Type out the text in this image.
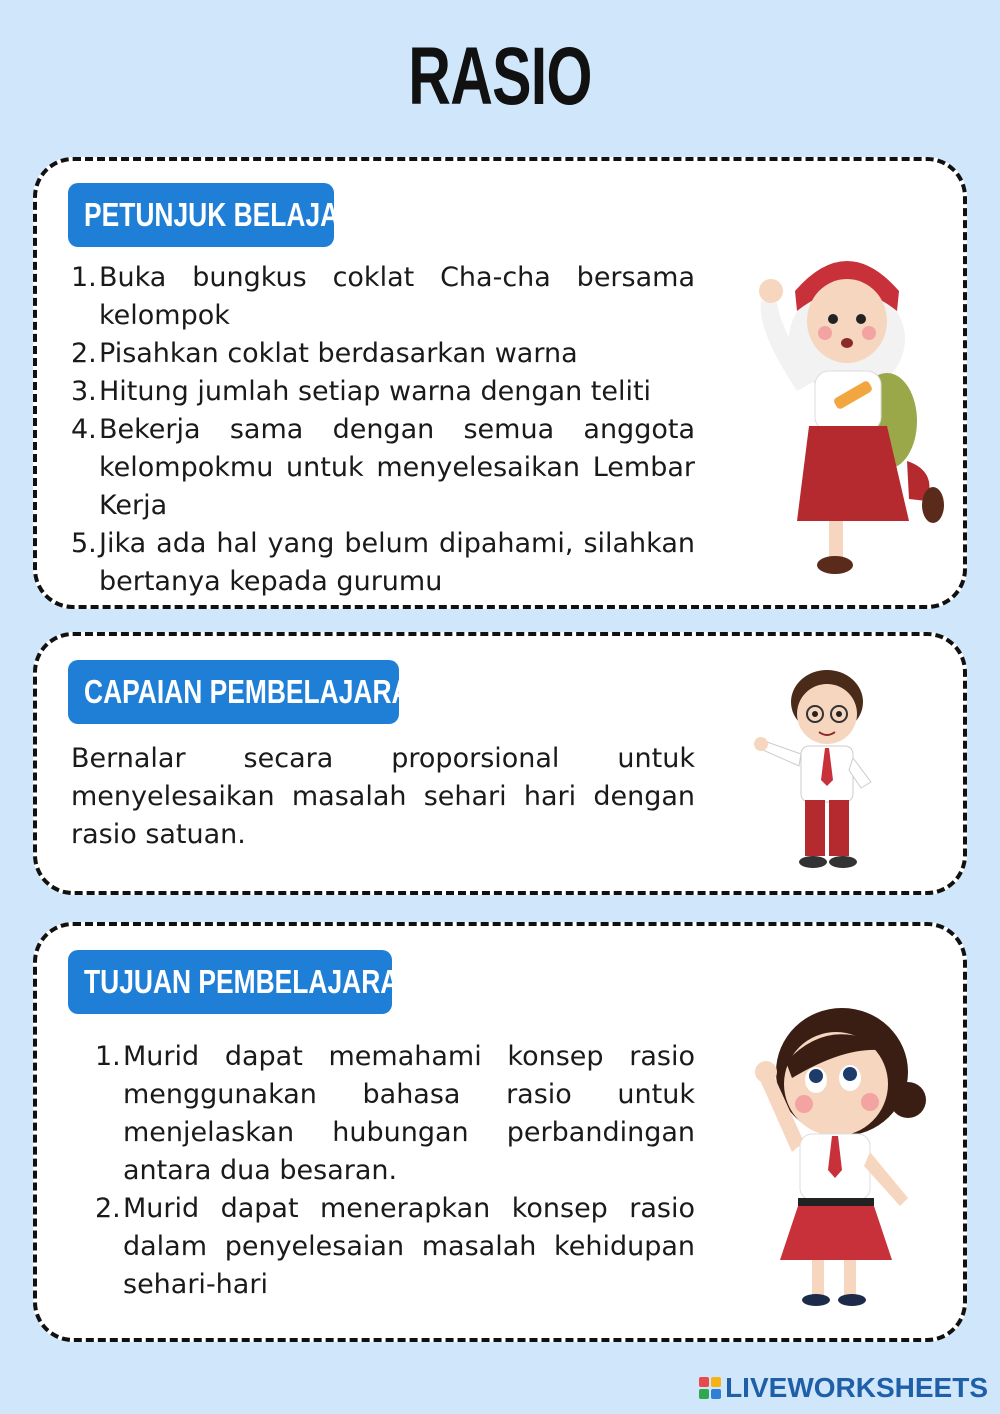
RASIO
PETUNJUK BELAJAR
1. Buka bungkus coklat Cha-cha bersama kelompok
2. Pisahkan coklat berdasarkan warna
3. Hitung jumlah setiap warna dengan teliti
4. Bekerja sama dengan semua anggota kelompokmu untuk menyelesaikan Lembar Kerja
5. Jika ada hal yang belum dipahami, silahkan bertanya kepada gurumu
CAPAIAN PEMBELAJARAN

Bernalar secara proporsional untuk menyelesaikan masalah sehari hari dengan rasio satuan.

TUJUAN PEMBELAJARAN
1. Murid dapat memahami konsep rasio menggunakan bahasa rasio untuk menjelaskan hubungan perbandingan antara dua besaran.
2. Murid dapat menerapkan konsep rasio dalam penyelesaian masalah kehidupan sehari-hari
LIVEWORKSHEETS
